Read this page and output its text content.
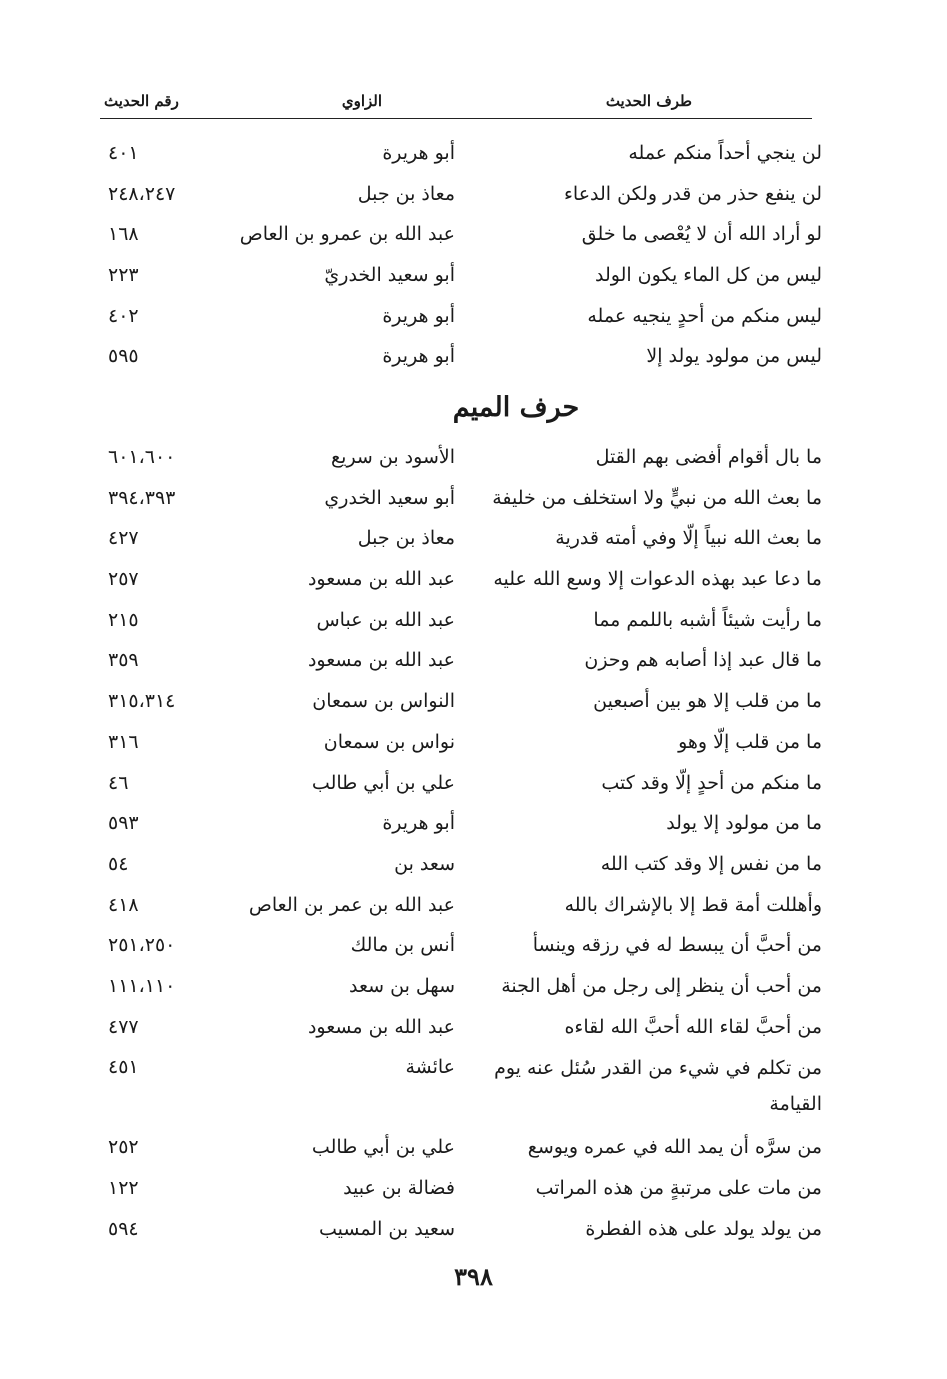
طرف الحديث
الزاوي
رقم الحديث
لن ينجي أحداً منكم عمله
أبو هريرة
٤٠١
لن ينفع حذر من قدر ولكن الدعاء
معاذ بن جبل
٢٤٨،٢٤٧
لو أراد الله أن لا يُعْصى ما خلق
عبد الله بن عمرو بن العاص
١٦٨
ليس من كل الماء يكون الولد
أبو سعيد الخدريّ
٢٢٣
ليس منكم من أحدٍ ينجيه عمله
أبو هريرة
٤٠٢
ليس من مولود يولد إلا
أبو هريرة
٥٩٥
حرف الميم
ما بال أقوام أفضى بهم القتل
الأسود بن سريع
٦٠١،٦٠٠
ما بعث الله من نبيٍّ ولا استخلف من خليفة
أبو سعيد الخدري
٣٩٤،٣٩٣
ما بعث الله نبياً إلّا وفي أمته قدرية
معاذ بن جبل
٤٢٧
ما دعا عبد بهذه الدعوات إلا وسع الله عليه
عبد الله بن مسعود
٢٥٧
ما رأيت شيئاً أشبه باللمم مما
عبد الله بن عباس
٢١٥
ما قال عبد إذا أصابه هم وحزن
عبد الله بن مسعود
٣٥٩
ما من قلب إلا هو بين أصبعين
النواس بن سمعان
٣١٥،٣١٤
ما من قلب إلّا وهو
نواس بن سمعان
٣١٦
ما منكم من أحدٍ إلّا وقد كتب
علي بن أبي طالب
٤٦
ما من مولود إلا يولد
أبو هريرة
٥٩٣
ما من نفس إلا وقد كتب الله
سعد بن
٥٤
وأهللت أمة قط إلا بالإشراك بالله
عبد الله بن عمر بن العاص
٤١٨
من أحبَّ أن يبسط له في رزقه وينسأ
أنس بن مالك
٢٥١،٢٥٠
من أحب أن ينظر إلى رجل من أهل الجنة
سهل بن سعد
١١١،١١٠
من أحبَّ لقاء الله أحبَّ الله لقاءه
عبد الله بن مسعود
٤٧٧
من تكلم في شيء من القدر سُئل عنه يوم القيامة
عائشة
٤٥١
من سرَّه أن يمد الله في عمره ويوسع
علي بن أبي طالب
٢٥٢
من مات على مرتبةٍ من هذه المراتب
فضالة بن عبيد
١٢٢
من يولد يولد على هذه الفطرة
سعيد بن المسيب
٥٩٤
٣٩٨
